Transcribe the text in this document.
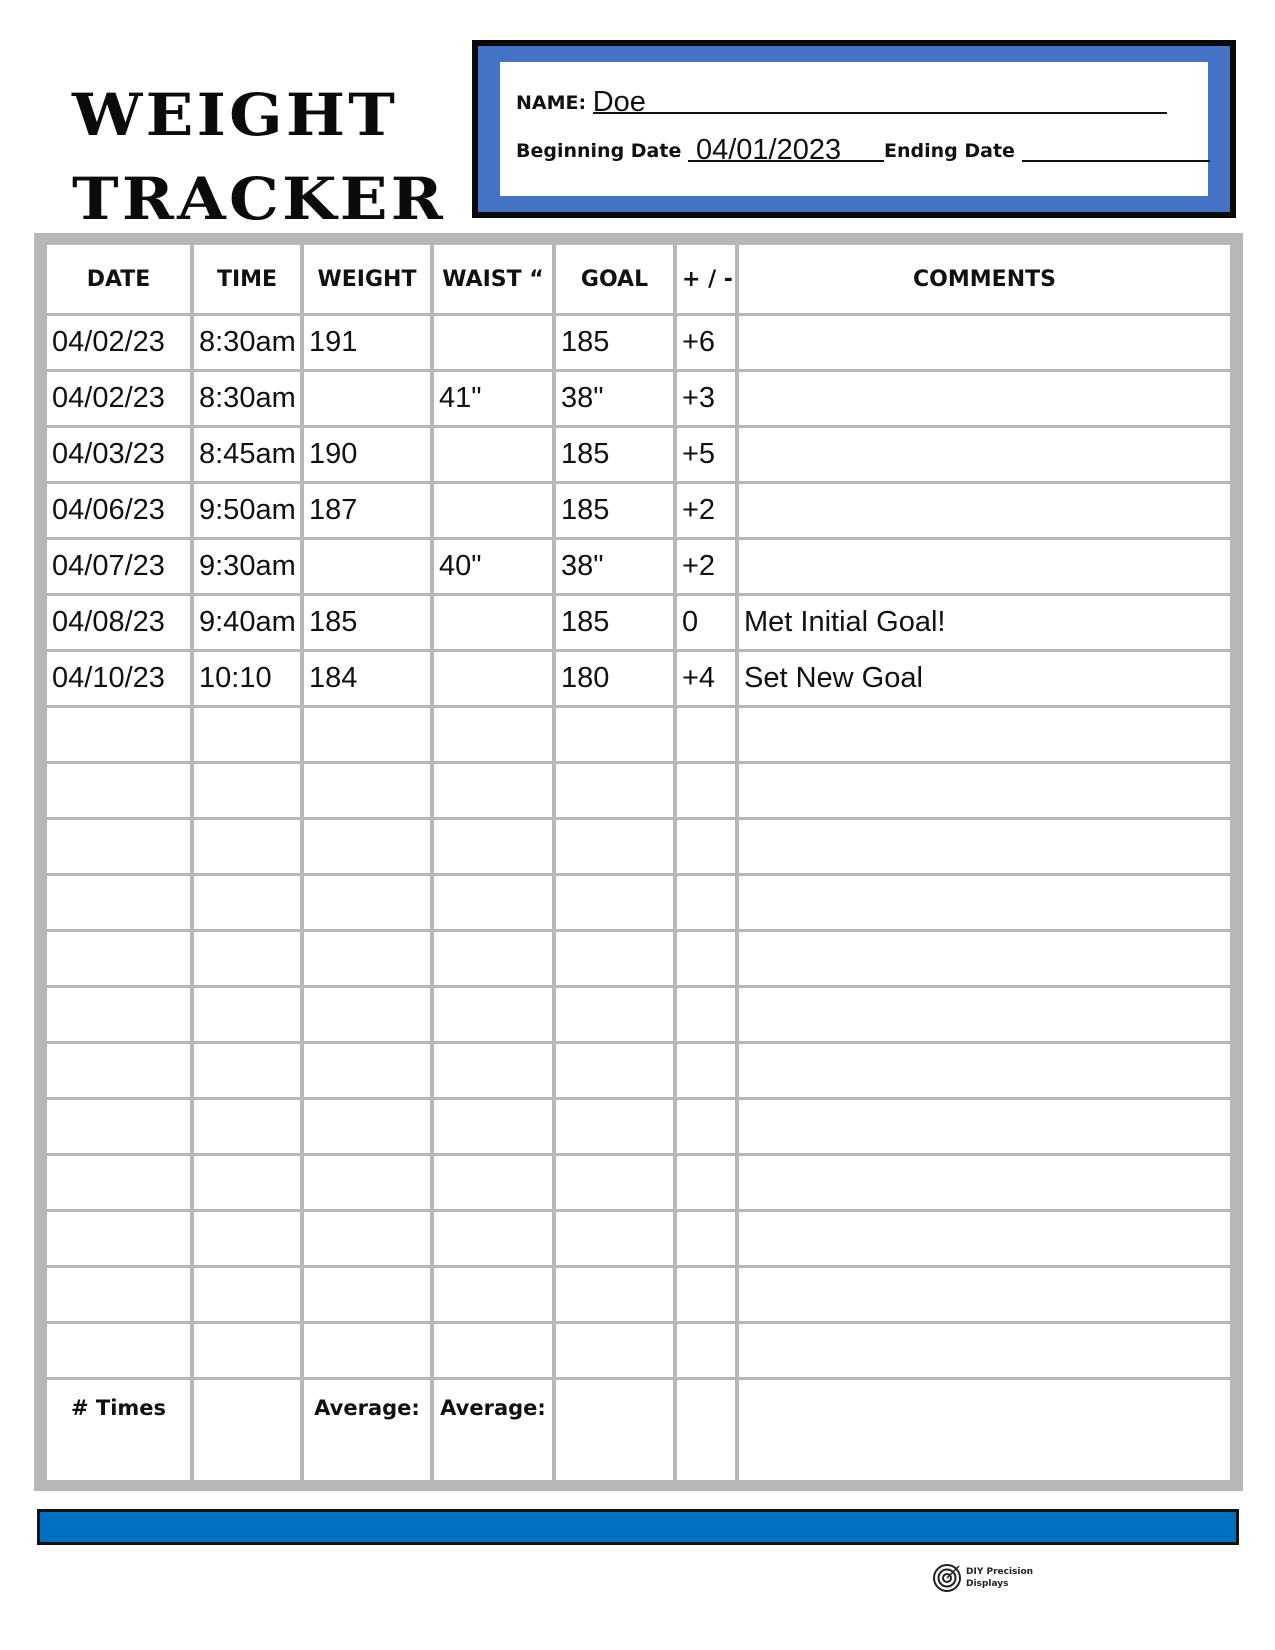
WEIGHT
TRACKER
NAME: Doe
Beginning Date 04/01/2023 Ending Date
DATE	TIME	WEIGHT	WAIST “	GOAL	+ / -	COMMENTS
04/02/23	8:30am	191		185	+6	
04/02/23	8:30am		41"	38"	+3	
04/03/23	8:45am	190		185	+5	
04/06/23	9:50am	187		185	+2	
04/07/23	9:30am		40"	38"	+2	
04/08/23	9:40am	185		185	0	Met Initial Goal!
04/10/23	10:10	184		180	+4	Set New Goal

# Times		Average:	Average:			
DIY Precision
Displays
